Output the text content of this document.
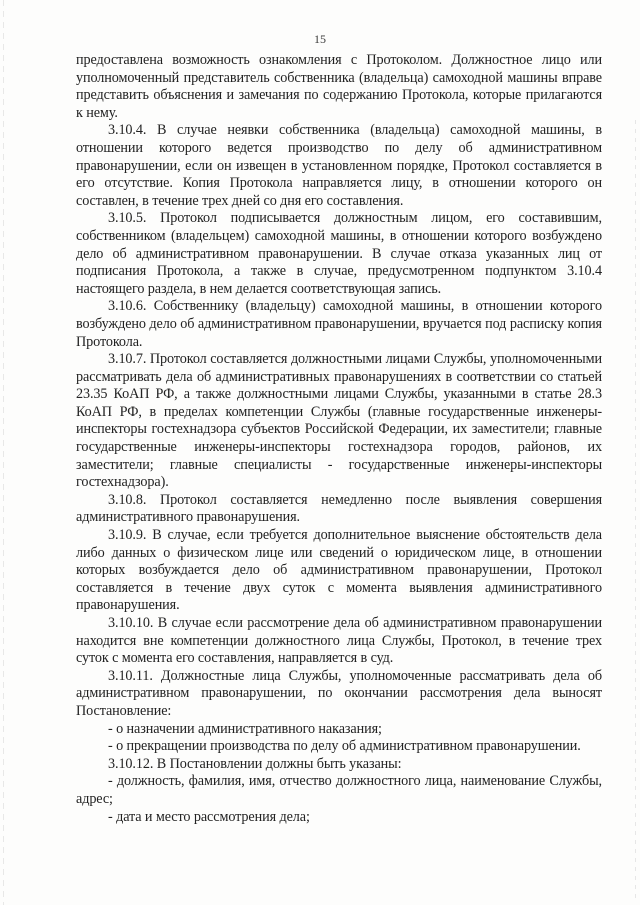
15

предоставлена возможность ознакомления с Протоколом. Должностное лицо или уполномоченный представитель собственника (владельца) самоходной машины вправе представить объяснения и замечания по содержанию Протокола, которые прилагаются к нему.

3.10.4. В случае неявки собственника (владельца) самоходной машины, в отношении которого ведется производство по делу об административном правонарушении, если он извещен в установленном порядке, Протокол составляется в его отсутствие. Копия Протокола направляется лицу, в отношении которого он составлен, в течение трех дней со дня его составления.

3.10.5. Протокол подписывается должностным лицом, его составившим, собственником (владельцем) самоходной машины, в отношении которого возбуждено дело об административном правонарушении. В случае отказа указанных лиц от подписания Протокола, а также в случае, предусмотренном подпунктом 3.10.4 настоящего раздела, в нем делается соответствующая запись.

3.10.6. Собственнику (владельцу) самоходной машины, в отношении которого возбуждено дело об административном правонарушении, вручается под расписку копия Протокола.

3.10.7. Протокол составляется должностными лицами Службы, уполномоченными рассматривать дела об административных правонарушениях в соответствии со статьей 23.35 КоАП РФ, а также должностными лицами Службы, указанными в статье 28.3 КоАП РФ, в пределах компетенции Службы (главные государственные инженеры-инспекторы гостехнадзора субъектов Российской Федерации, их заместители; главные государственные инженеры-инспекторы гостехнадзора городов, районов, их заместители; главные специалисты - государственные инженеры-инспекторы гостехнадзора).

3.10.8. Протокол составляется немедленно после выявления совершения административного правонарушения.

3.10.9. В случае, если требуется дополнительное выяснение обстоятельств дела либо данных о физическом лице или сведений о юридическом лице, в отношении которых возбуждается дело об административном правонарушении, Протокол составляется в течение двух суток с момента выявления административного правонарушения.

3.10.10. В случае если рассмотрение дела об административном правонарушении находится вне компетенции должностного лица Службы, Протокол, в течение трех суток с момента его составления, направляется в суд.

3.10.11. Должностные лица Службы, уполномоченные рассматривать дела об административном правонарушении, по окончании рассмотрения дела выносят Постановление:

- о назначении административного наказания;

- о прекращении производства по делу об административном правонарушении.

3.10.12. В Постановлении должны быть указаны:

- должность, фамилия, имя, отчество должностного лица, наименование Службы, адрес;

- дата и место рассмотрения дела;
